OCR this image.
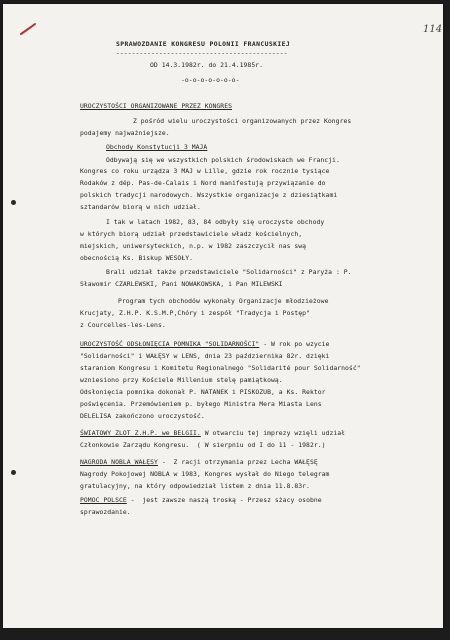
114
SPRAWOZDANIE KONGRESU POLONII FRANCUSKIEJ
--------------------------------------------
OD 14.3.1982r. do 21.4.1985r.
-o-o-o-o-o-o-o-
UROCZYSTOŚCI ORGANIZOWANE PRZEZ KONGRES
Z pośród wielu uroczystości organizowanych przez Kongres
podajemy najważniejsze.
Obchody Konstytucji 3 MAJA
Odbywają się we wszystkich polskich środowiskach we Francji.
Kongres co roku urządza 3 MAJ w Lille, gdzie rok rocznie tysiące
Rodaków z dép. Pas-de-Calais i Nord manifestują przywiązanie do
polskich tradycji narodowych. Wszystkie organizacje z dziesiątkami
sztandarów biorą w nich udział.
I tak w latach 1982, 83, 84 odbyły się uroczyste obchody
w których biorą udział przedstawiciele władz kościelnych,
miejskich, uniwersyteckich, n.p. w 1982 zaszczycił nas swą
obecnością Ks. Biskup WESOŁY.
Brali udział także przedstawiciele "Solidarności" z Paryża : P.
Sławomir CZARLEWSKI, Pani NOWAKOWSKA, i Pan MILEWSKI
Program tych obchodów wykonały Organizacje młodzieżowe
Krucjaty, Z.H.P. K.S.M.P,Chóry i zespół "Tradycja i Postęp"
z Courcelles-les-Lens.
UROCZYSTOŚĆ ODSŁONIĘCIA POMNIKA "SOLIDARNOŚCI" - W rok po wzycie
"Solidarności" i WAŁĘSY w LENS, dnia 23 października 82r. dzięki
staraniom Kongresu i Komitetu Regionalnego "Solidarité pour Solidarność"
wzniesiono przy Kościele Millenium stelę pamiątkową.
Odsłonięcia pomnika dokonał P. NATANEK i PISKOZUB, a Ks. Rektor
poświęcenia. Przemówieniem p. byłego Ministra Mera Miasta Lens
DELELISA zakończono uroczystość.
ŚWIATOWY ZLOT Z.H.P. we BELGII. W otwarciu tej imprezy wzięli udział
Członkowie Zarządu Kongresu.  ( W sierpniu od I do 11 - 1982r.)
NAGRODA NOBLA WAŁĘSY -  Z racji otrzymania przez Lecha WAŁĘSĘ
Nagrody Pokojowej NOBLA w 1983, Kongres wysłał do Niego telegram
gratulacyjny, na który odpowiedział listem z dnia 11.8.83r.
POMOC POLSCE -  jest zawsze naszą troską - Przesz sżacy osobne
sprawozdanie.
